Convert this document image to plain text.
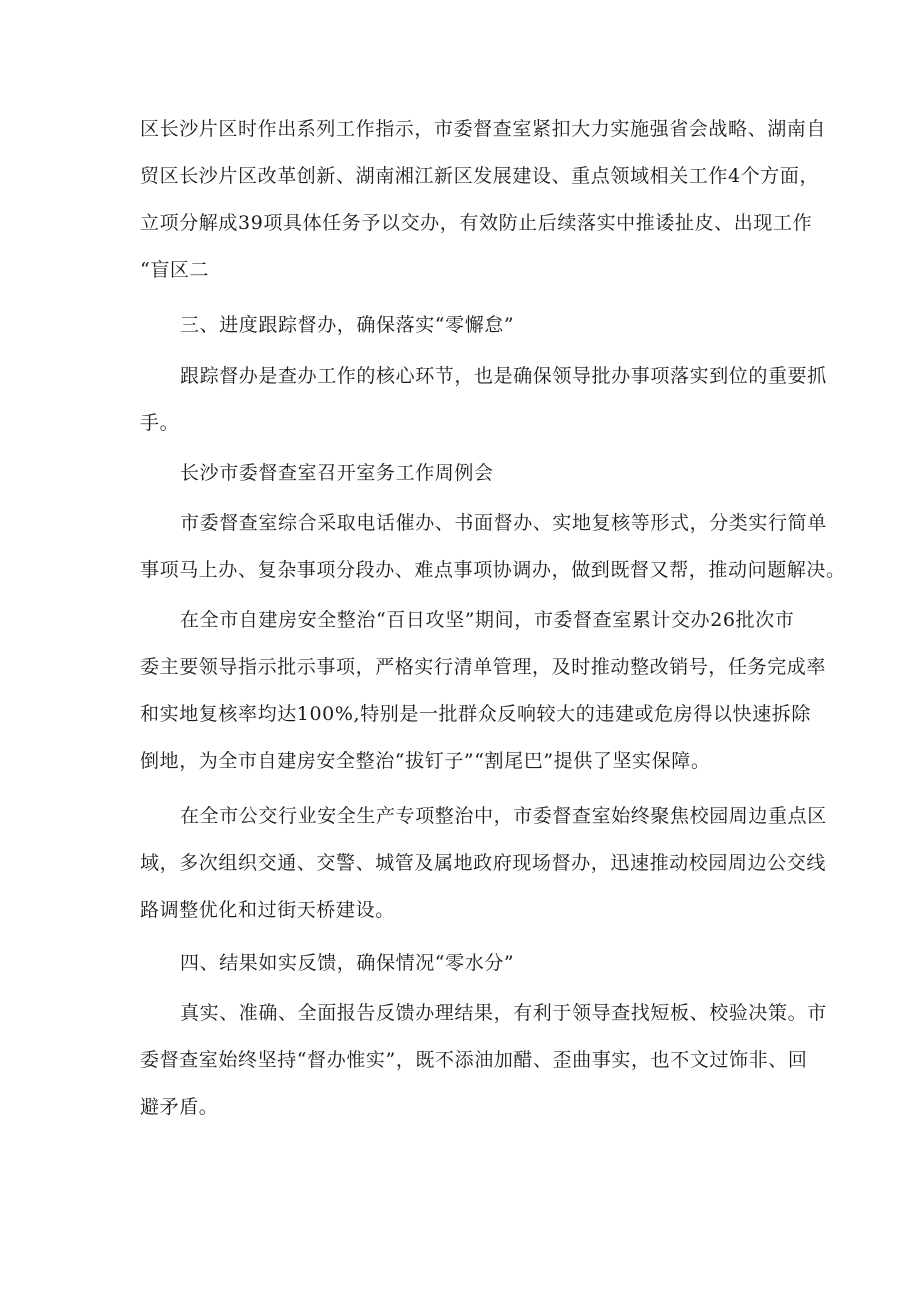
区长沙片区时作出系列工作指示，市委督查室紧扣大力实施强省会战略、湖南自
贸区长沙片区改革创新、湖南湘江新区发展建设、重点领域相关工作4个方面，
立项分解成39项具体任务予以交办，有效防止后续落实中推诿扯皮、出现工作
“盲区二
三、进度跟踪督办，确保落实“零懈怠”
跟踪督办是查办工作的核心环节，也是确保领导批办事项落实到位的重要抓
手。
长沙市委督查室召开室务工作周例会
市委督查室综合采取电话催办、书面督办、实地复核等形式，分类实行简单
事项马上办、复杂事项分段办、难点事项协调办，做到既督又帮，推动问题解决。
在全市自建房安全整治“百日攻坚”期间，市委督查室累计交办26批次市
委主要领导指示批示事项，严格实行清单管理，及时推动整改销号，任务完成率
和实地复核率均达100%,特别是一批群众反响较大的违建或危房得以快速拆除
倒地，为全市自建房安全整治“拔钉子”“割尾巴”提供了坚实保障。
在全市公交行业安全生产专项整治中，市委督查室始终聚焦校园周边重点区
域，多次组织交通、交警、城管及属地政府现场督办，迅速推动校园周边公交线
路调整优化和过街天桥建设。
四、结果如实反馈，确保情况“零水分”
真实、准确、全面报告反馈办理结果，有利于领导查找短板、校验决策。市
委督查室始终坚持“督办惟实”，既不添油加醋、歪曲事实，也不文过饰非、回
避矛盾。
